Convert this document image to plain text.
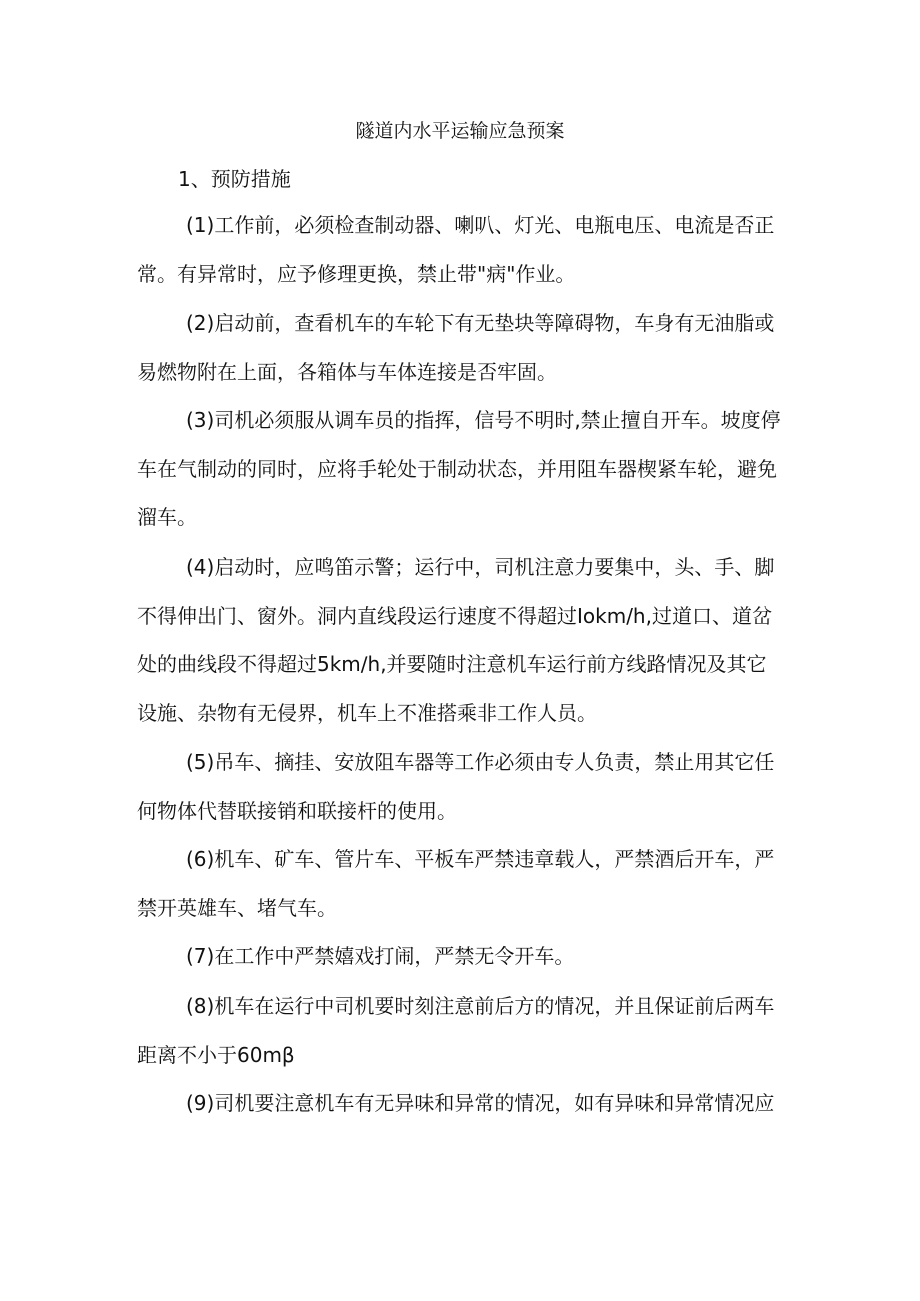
隧道内水平运输应急预案
1、预防措施

(1)工作前，必须检查制动器、喇叭、灯光、电瓶电压、电流是否正常。有异常时，应予修理更换，禁止带"病"作业。

(2)启动前，查看机车的车轮下有无垫块等障碍物，车身有无油脂或易燃物附在上面，各箱体与车体连接是否牢固。

(3)司机必须服从调车员的指挥，信号不明时,禁止擅自开车。坡度停车在气制动的同时，应将手轮处于制动状态，并用阻车器楔紧车轮，避免溜车。

(4)启动时，应鸣笛示警；运行中，司机注意力要集中，头、手、脚不得伸出门、窗外。洞内直线段运行速度不得超过Iokm/h,过道口、道岔处的曲线段不得超过5km∕h,并要随时注意机车运行前方线路情况及其它设施、杂物有无侵界，机车上不准搭乘非工作人员。

(5)吊车、摘挂、安放阻车器等工作必须由专人负责，禁止用其它任何物体代替联接销和联接杆的使用。

(6)机车、矿车、管片车、平板车严禁违章载人，严禁酒后开车，严禁开英雄车、堵气车。

(7)在工作中严禁嬉戏打闹，严禁无令开车。

(8)机车在运行中司机要时刻注意前后方的情况，并且保证前后两车距离不小于60mβ

(9)司机要注意机车有无异味和异常的情况，如有异味和异常情况应
